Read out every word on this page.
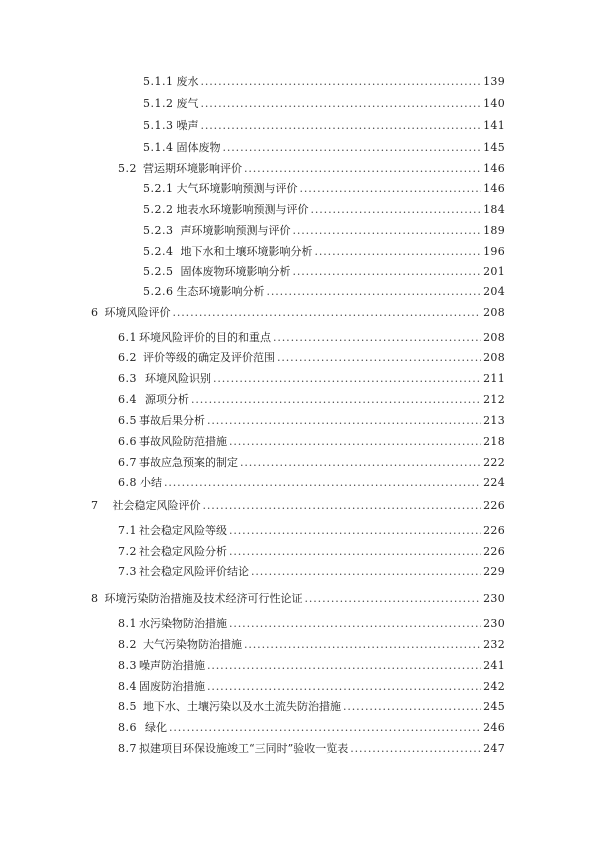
5.1.1 废水 . . .	139
5.1.2 废气 . . .	140
5.1.3 噪声 . . .	141
5.1.4 固体废物 . . .	145
5.2 营运期环境影响评价 . . .	146
5.2.1 大气环境影响预测与评价 . . .	146
5.2.2 地表水环境影响预测与评价 . . .	184
5.2.3 声环境影响预测与评价 . . .	189
5.2.4 地下水和土壤环境影响分析 . . .	196
5.2.5 固体废物环境影响分析 . . .	201
5.2.6 生态环境影响分析 . . .	204
6 环境风险评价 . . .	208
6.1 环境风险评价的目的和重点 . . .	208
6.2 评价等级的确定及评价范围 . . .	208
6.3 环境风险识别 . . .	211
6.4 源项分析 . . .	212
6.5 事故后果分析 . . .	213
6.6 事故风险防范措施 . . .	218
6.7 事故应急预案的制定 . . .	222
6.8 小结 . . .	224
7 社会稳定风险评价 . . .	226
7.1 社会稳定风险等级 . . .	226
7.2 社会稳定风险分析 . . .	226
7.3 社会稳定风险评价结论 . . .	229
8 环境污染防治措施及技术经济可行性论证 . . .	230
8.1 水污染物防治措施 . . .	230
8.2 大气污染物防治措施 . . .	232
8.3 噪声防治措施 . . .	241
8.4 固废防治措施 . . .	242
8.5 地下水、土壤污染以及水土流失防治措施 . . .	245
8.6 绿化 . . .	246
8.7 拟建项目环保设施竣工“三同时”验收一览表 . . .	247
